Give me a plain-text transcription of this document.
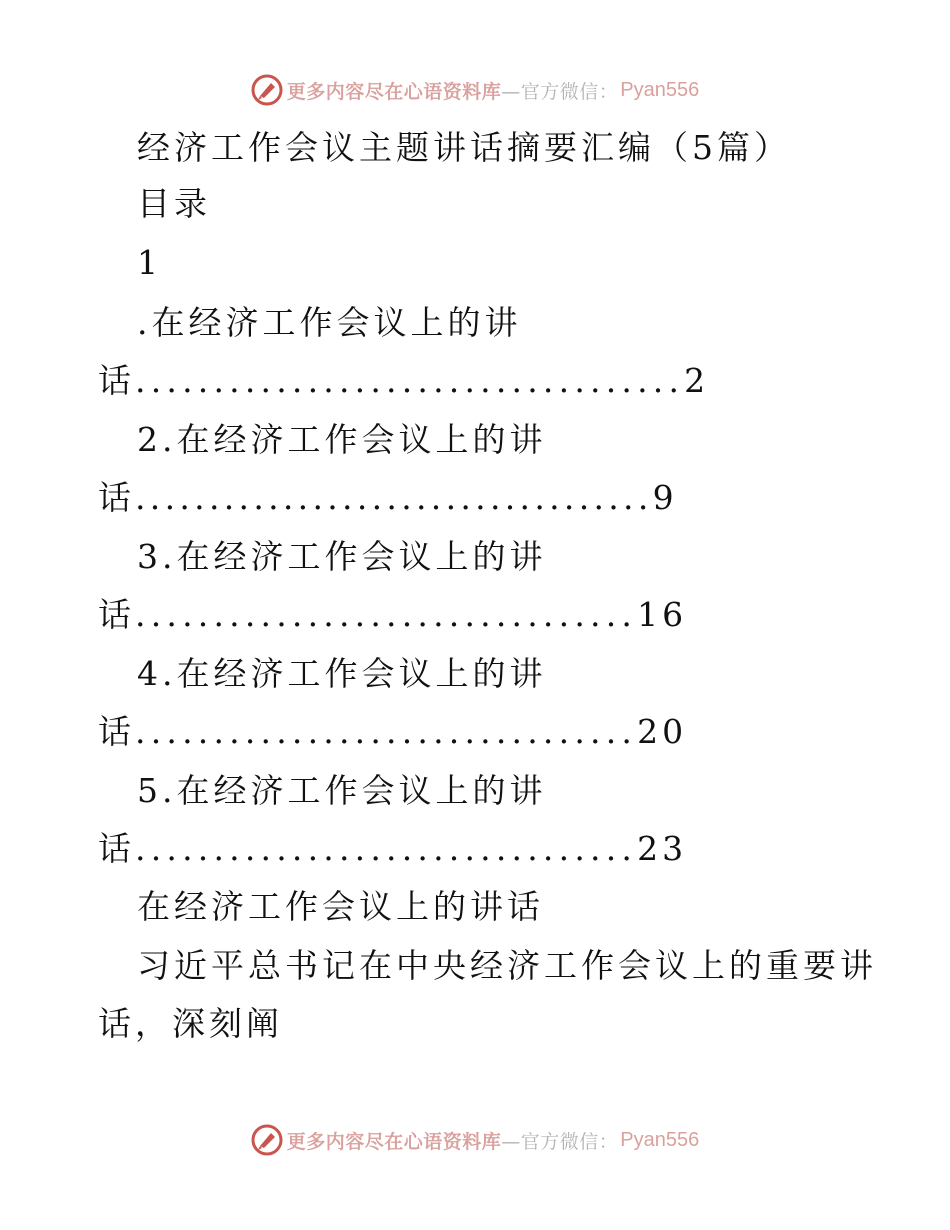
更多内容尽在心语资料库 —官方微信： Pyan556
经济工作会议主题讲话摘要汇编（5篇）
目录
1
.在经济工作会议上的讲
话...................................2
2.在经济工作会议上的讲
话...................................9
3.在经济工作会议上的讲
话................................16
4.在经济工作会议上的讲
话................................20
5.在经济工作会议上的讲
话................................23
在经济工作会议上的讲话
习近平总书记在中央经济工作会议上的重要讲
话，深刻阐
更多内容尽在心语资料库 —官方微信： Pyan556
